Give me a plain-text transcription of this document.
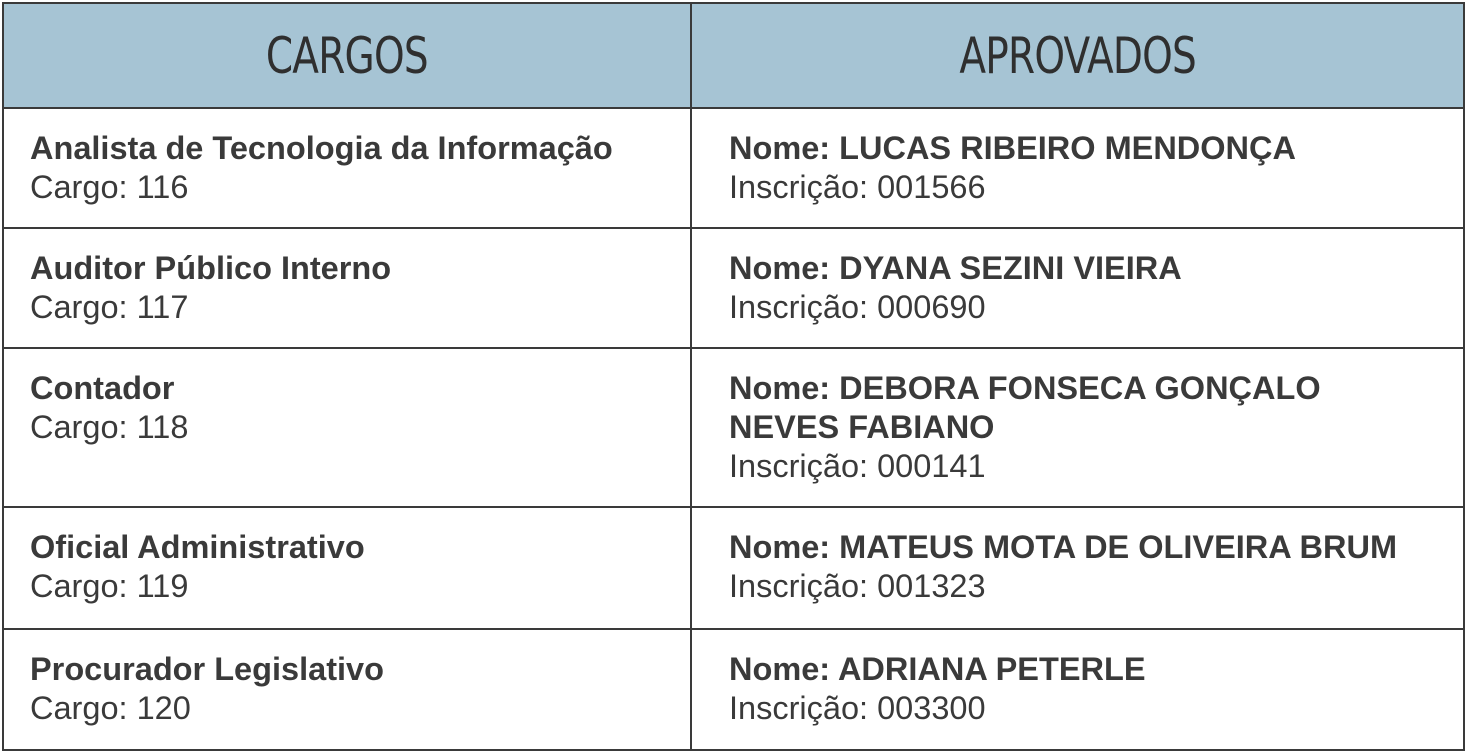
CARGOS	APROVADOS
Analista de Tecnologia da Informação
Cargo: 116
Nome: LUCAS RIBEIRO MENDONÇA
Inscrição: 001566
Auditor Público Interno
Cargo: 117
Nome: DYANA SEZINI VIEIRA
Inscrição: 000690
Contador
Cargo: 118
Nome: DEBORA FONSECA GONÇALO
NEVES FABIANO
Inscrição: 000141
Oficial Administrativo
Cargo: 119
Nome: MATEUS MOTA DE OLIVEIRA BRUM
Inscrição: 001323
Procurador Legislativo
Cargo: 120
Nome: ADRIANA PETERLE
Inscrição: 003300
